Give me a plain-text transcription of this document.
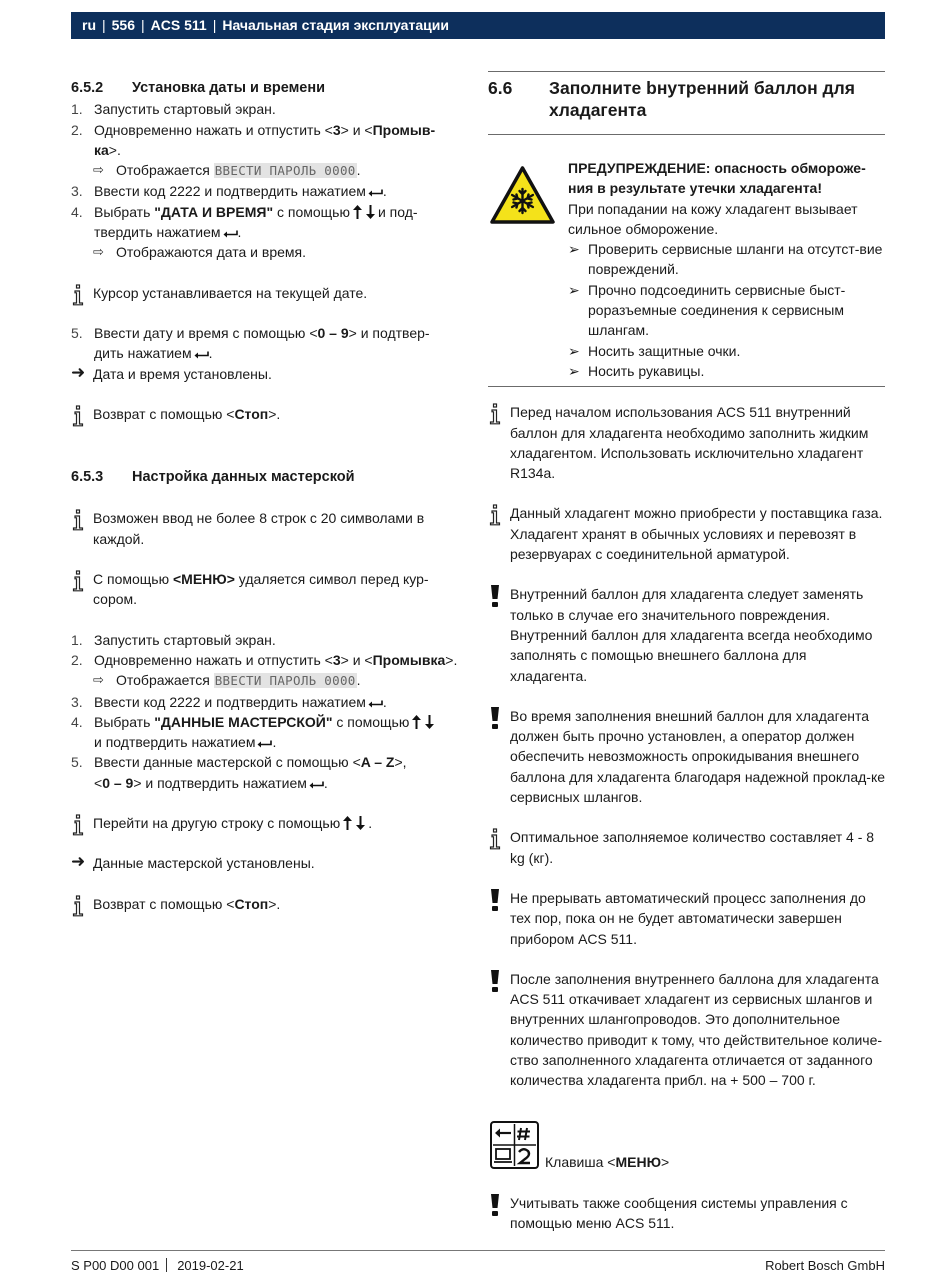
ru | 556 | ACS 511 | Начальная стадия эксплуатации
6.5.2 Установка даты и времени
1. Запустить стартовый экран.
2. Одновременно нажать и отпустить <3> и <Промыв-
ка>.
⇨ Отображается ВВЕСТИ ПАРОЛЬ 0000.
3. Ввести код 2222 и подтвердить нажатием .
4. Выбрать "ДАТА И ВРЕМЯ" с помощью и под-
твердить нажатием .
⇨ Отображаются дата и время.
Курсор устанавливается на текущей дате.
5. Ввести дату и время с помощью <0 – 9> и подтвер-
дить нажатием .
➜ Дата и время установлены.
Возврат с помощью <Стоп>.
6.5.3 Настройка данных мастерской
Возможен ввод не более 8 строк с 20 символами в каждой.
С помощью <МЕНЮ> удаляется символ перед кур-
сором.
1. Запустить стартовый экран.
2. Одновременно нажать и отпустить <3> и <Промывка>.
⇨ Отображается ВВЕСТИ ПАРОЛЬ 0000.
3. Ввести код 2222 и подтвердить нажатием .
4. Выбрать "ДАННЫЕ МАСТЕРСКОЙ" с помощью
и подтвердить нажатием .
5. Ввести данные мастерской с помощью <A – Z>,
<0 – 9> и подтвердить нажатием .
Перейти на другую строку с помощью .
➜ Данные мастерской установлены.
Возврат с помощью <Стоп>.
6.6 Заполните bнутренний баллон для хладагента
ПРЕДУПРЕЖДЕНИЕ: опасность обмороже-ния в результате утечки хладагента!
При попадании на кожу хладагент вызывает сильное обморожение.
➢ Проверить сервисные шланги на отсутст-вие повреждений.
➢ Прочно подсоединить сервисные быст-роразъемные соединения к сервисным шлангам.
➢ Носить защитные очки.
➢ Носить рукавицы.
Перед началом использования ACS 511 внутренний баллон для хладагента необходимо заполнить жидким хладагентом. Использовать исключительно хладагент R134a.
Данный хладагент можно приобрести у поставщика газа. Хладагент хранят в обычных условиях и перевозят в резервуарах с соединительной арматурой.
Внутренний баллон для хладагента следует заменять только в случае его значительного повреждения. Внутренний баллон для хладагента всегда необходимо заполнять с помощью внешнего баллона для хладагента.
Во время заполнения внешний баллон для хладагента должен быть прочно установлен, а оператор должен обеспечить невозможность опрокидывания внешнего баллона для хладагента благодаря надежной проклад-ке сервисных шлангов.
Оптимальное заполняемое количество составляет 4 - 8 kg (кг).
Не прерывать автоматический процесс заполнения до тех пор, пока он не будет автоматически завершен прибором ACS 511.
После заполнения внутреннего баллона для хладагента ACS 511 откачивает хладагент из сервисных шлангов и внутренних шлангопроводов. Это дополнительное количество приводит к тому, что действительное количе-ство заполненного хладагента отличается от заданного количества хладагента прибл. на + 500 – 700 г.
Клавиша <МЕНЮ>
Учитывать также сообщения системы управления с помощью меню ACS 511.
S P00 D00 001 2019-02-21	Robert Bosch GmbH
